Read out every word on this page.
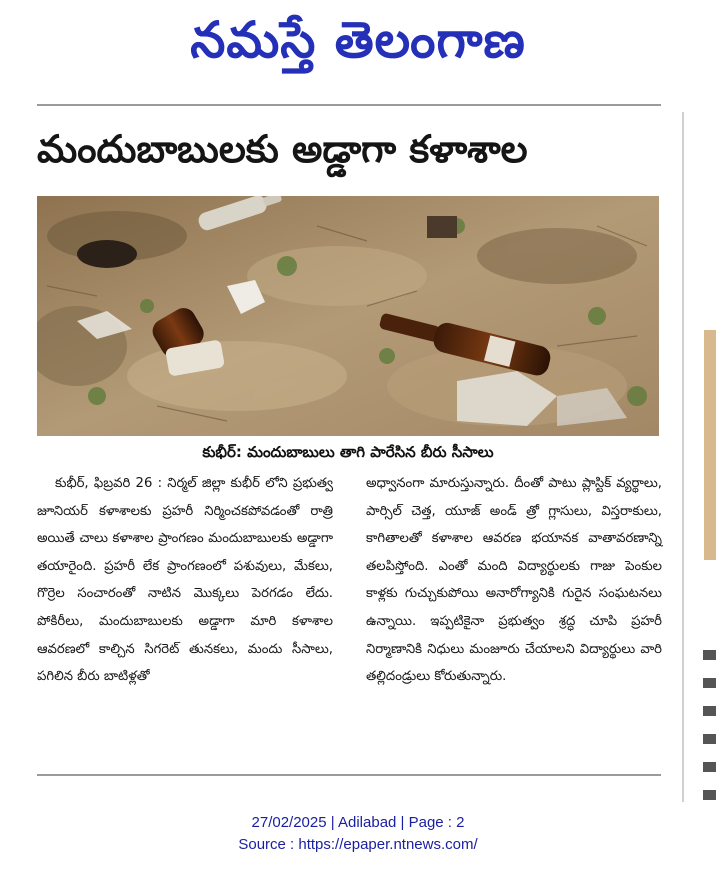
నమస్తే తెలంగాణ
మందుబాబులకు అడ్డాగా కళాశాల
కుభీర్: మందుబాబులు తాగి పారేసిన బీరు సీసాలు

కుభీర్, ఫిబ్రవరి 26 : నిర్మల్ జిల్లా కుభీర్ లోని ప్రభుత్వ జూనియర్ కళాశాలకు ప్రహరీ నిర్మించకపోవడంతో రాత్రి అయితే చాలు కళాశాల ప్రాంగణం మందుబాబులకు అడ్డాగా తయారైంది. ప్రహరీ లేక ప్రాంగణంలో పశువులు, మేకలు, గొర్రెల సంచారంతో నాటిన మొక్కలు పెరగడం లేదు. పోకిరీలు, మందుబాబులకు అడ్డాగా మారి కళాశాల ఆవరణలో కాల్చిన సిగరెట్ తునకలు, మందు సీసాలు, పగిలిన బీరు బాటిళ్లతో

అధ్వానంగా మారుస్తున్నారు. దీంతో పాటు ప్లాస్టిక్ వ్యర్థాలు, పార్సిల్ చెత్త, యూజ్ అండ్ త్రో గ్లాసులు, విస్తరాకులు, కాగితాలతో కళాశాల ఆవరణ భయానక వాతావరణాన్ని తలపిస్తోంది. ఎంతో మంది విద్యార్థులకు గాజు పెంకుల కాళ్లకు గుచ్చుకుపోయి అనారోగ్యానికి గురైన సంఘటనలు ఉన్నాయి. ఇప్పటికైనా ప్రభుత్వం శ్రద్ధ చూపి ప్రహరీ నిర్మాణానికి నిధులు మంజూరు చేయాలని విద్యార్థులు వారి తల్లిదండ్రులు కోరుతున్నారు.

27/02/2025 | Adilabad | Page : 2
Source : https://epaper.ntnews.com/
